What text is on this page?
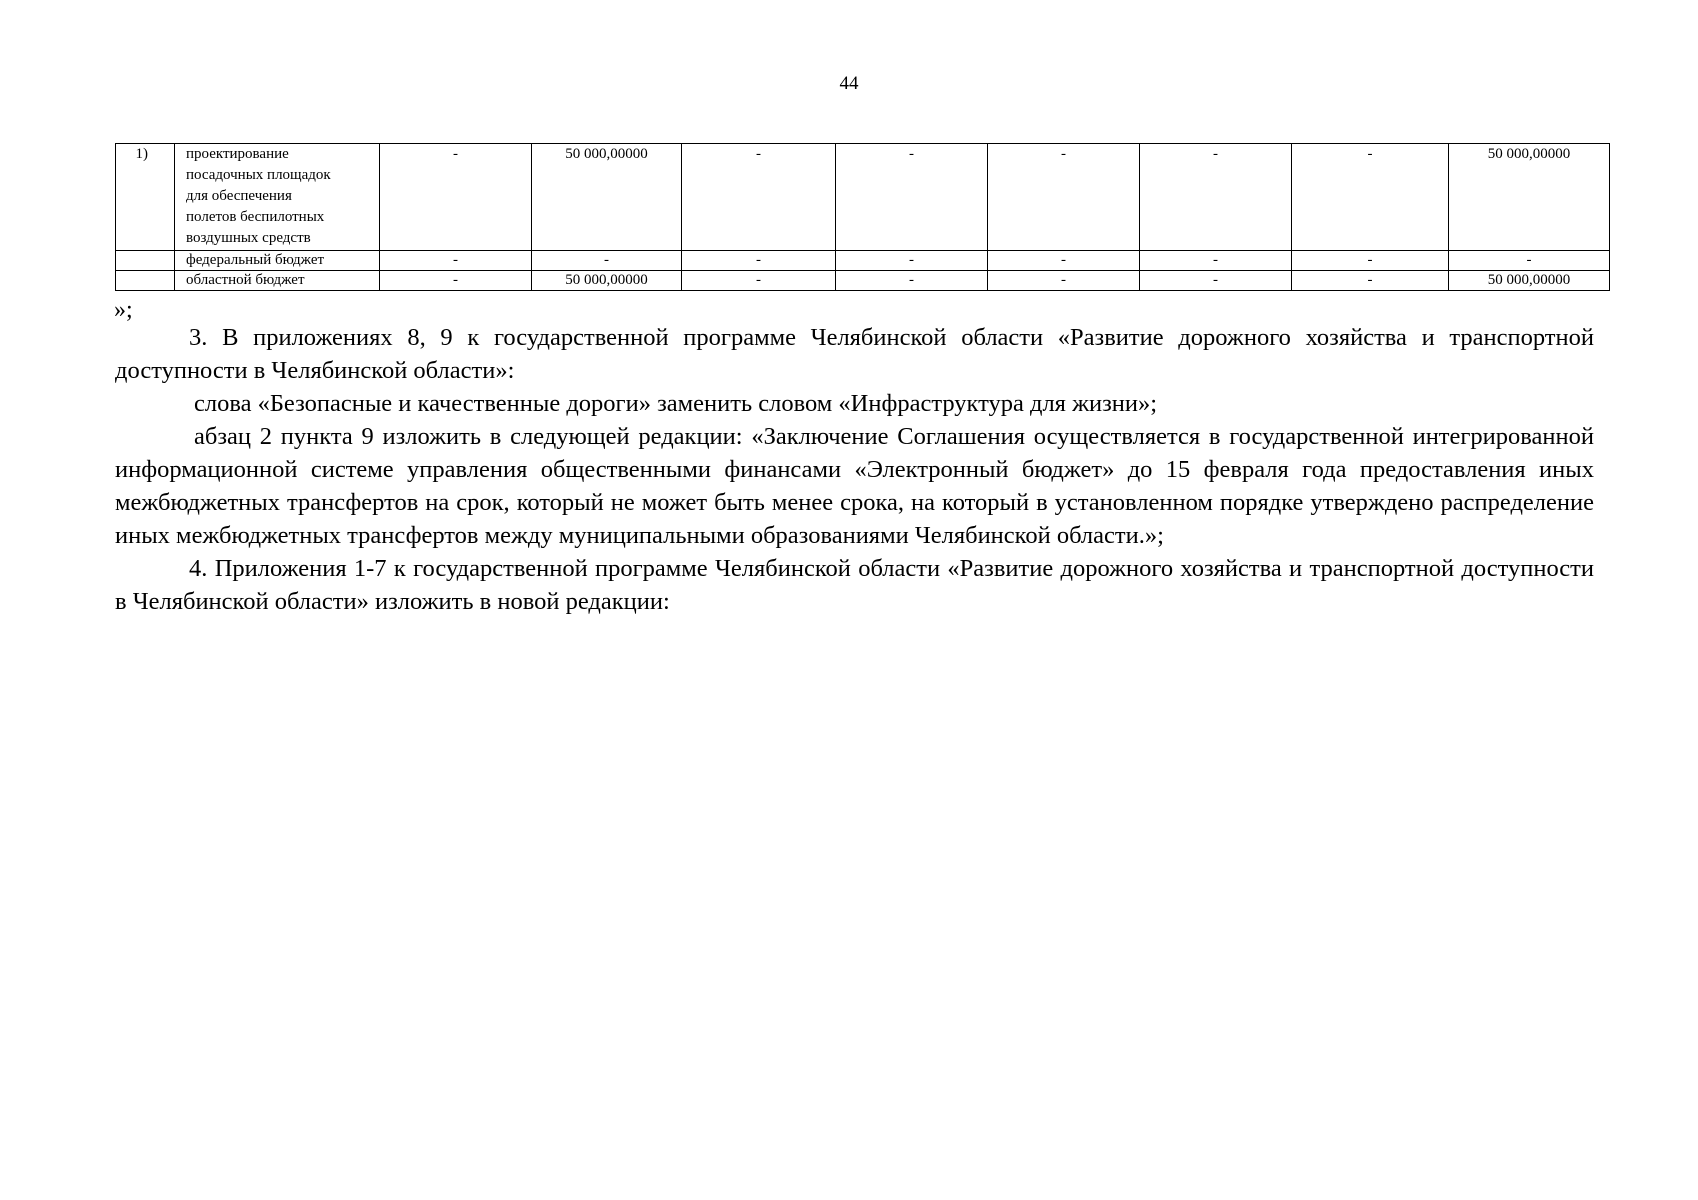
44
1)	проектирование
посадочных площадок
для обеспечения
полетов беспилотных
воздушных средств	-	50 000,00000	-	-	-	-	-	50 000,00000

	федеральный бюджет	-	-	-	-	-	-	-	-

	областной бюджет	-	50 000,00000	-	-	-	-	-	50 000,00000
»;

3. В приложениях 8, 9 к государственной программе Челябинской области «Развитие дорожного хозяйства и транспортной доступности в Челябинской области»:

слова «Безопасные и качественные дороги» заменить словом «Инфраструктура для жизни»;

абзац 2 пункта 9 изложить в следующей редакции: «Заключение Соглашения осуществляется в государственной интегрированной информационной системе управления общественными финансами «Электронный бюджет» до 15 февраля года предоставления иных межбюджетных трансфертов на срок, который не может быть менее срока, на который в установленном порядке утверждено распределение иных межбюджетных трансфертов между муниципальными образованиями Челябинской области.»;

4. Приложения 1-7 к государственной программе Челябинской области «Развитие дорожного хозяйства и транспортной доступности в Челябинской области» изложить в новой редакции:
